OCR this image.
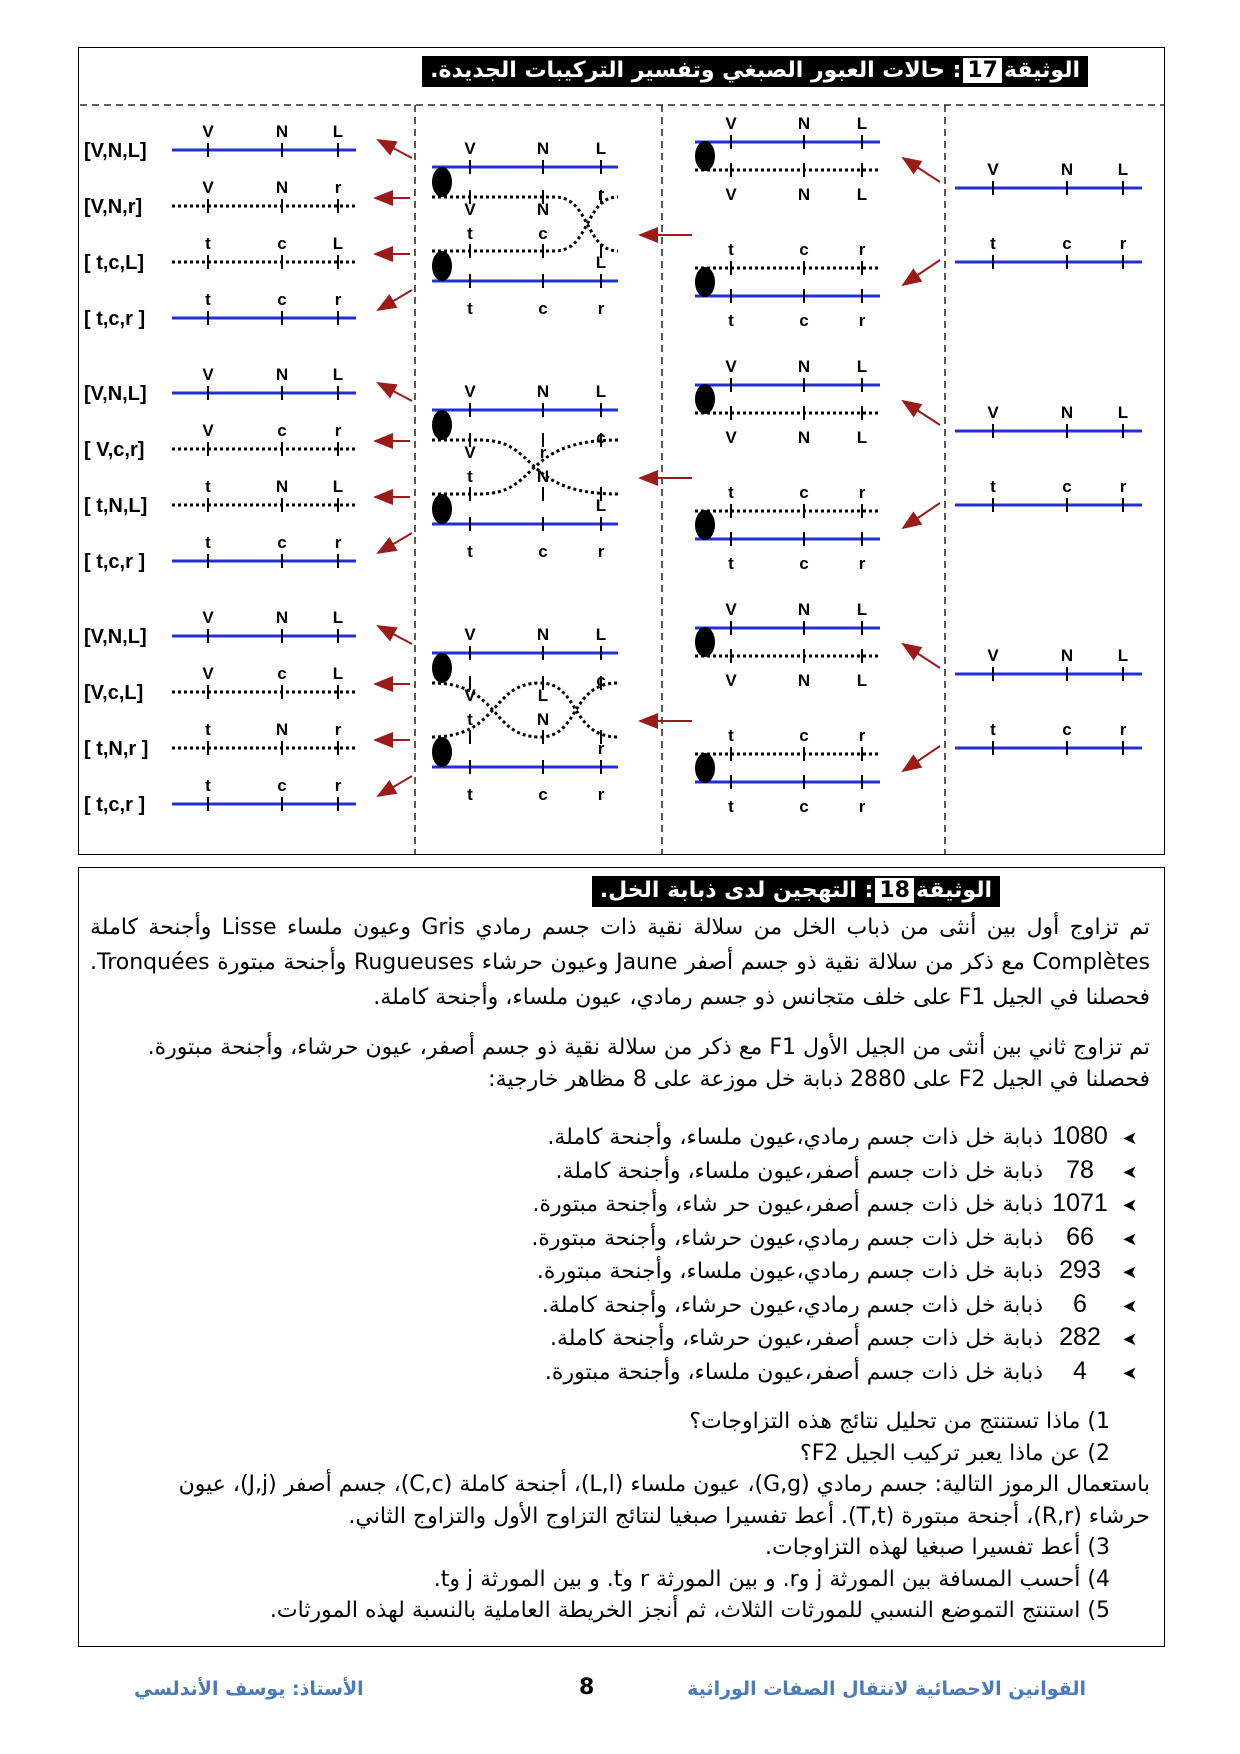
الوثيقة17: حالات العبور الصبغي وتفسير التركيبات الجديدة.
[V,N,L]
V	N	L
[V,N,r]
V	N	r
[ t,c,L]
t	c	L
[ t,c,r ]
t	c	r
[V,N,L]
V	N	L
[ V,c,r]
V	c	r
[ t,N,L]
t	N	L
[ t,c,r ]
t	c	r
[V,N,L]
V	N	L
[V,c,L]
V	c	L
[ t,N,r ]
t	N	r
[ t,c,r ]
t	c	r
V	N	L
t	c	r
r
V	N
t	c
L
V	N	L
t	c	r
c
V	r
t	N
L
V	N	L
t	c	r
c
V	L
t	N
r
V	N	L
V	N	L
t	c	r
t	c	r
V	N	L
V	N	L
t	c	r
t	c	r
V	N	L
V	N	L
t	c	r
t	c	r
V	N	L
t	c	r
V	N	L
t	c	r
V	N	L
t	c	r
الوثيقة18: التهجين لدى ذبابة الخل.
تم تزاوج أول بين أنثى من ذباب الخل من سلالة نقية ذات جسم رمادي Gris وعيون ملساء Lisse وأجنحة كاملة Complètes مع ذكر من سلالة نقية ذو جسم أصفر Jaune وعيون حرشاء Rugueuses وأجنحة مبتورة Tronquées. فحصلنا في الجيل F1 على خلف متجانس ذو جسم رمادي، عيون ملساء، وأجنحة كاملة.
تم تزاوج ثاني بين أنثى من الجيل الأول F1 مع ذكر من سلالة نقية ذو جسم أصفر، عيون حرشاء، وأجنحة مبتورة.
فحصلنا في الجيل F2 على 2880 ذبابة خل موزعة على 8 مظاهر خارجية:
➤1080 ذبابة خل ذات جسم رمادي،عيون ملساء، وأجنحة كاملة.
➤78 ذبابة خل ذات جسم أصفر،عيون ملساء، وأجنحة كاملة.
➤1071 ذبابة خل ذات جسم أصفر،عيون حر شاء، وأجنحة مبتورة.
➤66 ذبابة خل ذات جسم رمادي،عيون حرشاء، وأجنحة مبتورة.
➤293 ذبابة خل ذات جسم رمادي،عيون ملساء، وأجنحة مبتورة.
➤6 ذبابة خل ذات جسم رمادي،عيون حرشاء، وأجنحة كاملة.
➤282 ذبابة خل ذات جسم أصفر،عيون حرشاء، وأجنحة كاملة.
➤4 ذبابة خل ذات جسم أصفر،عيون ملساء، وأجنحة مبتورة.
1) ماذا تستنتج من تحليل نتائج هذه التزاوجات؟
2) عن ماذا يعبر تركيب الجيل F2؟
باستعمال الرموز التالية: جسم رمادي (G,g)، عيون ملساء (L,l)، أجنحة كاملة (C,c)، جسم أصفر (J,j)، عيون
حرشاء (R,r)، أجنحة مبتورة (T,t). أعط تفسيرا صبغيا لنتائج التزاوج الأول والتزاوج الثاني.
3) أعط تفسيرا صبغيا لهذه التزاوجات.
4) أحسب المسافة بين المورثة j وr. و بين المورثة r وt. و بين المورثة j وt.
5) استنتج التموضع النسبي للمورثات الثلاث، ثم أنجز الخريطة العاملية بالنسبة لهذه المورثات.
القوانين الاحصائية لانتقال الصفات الوراثية
8
الأستاذ: يوسف الأندلسي
